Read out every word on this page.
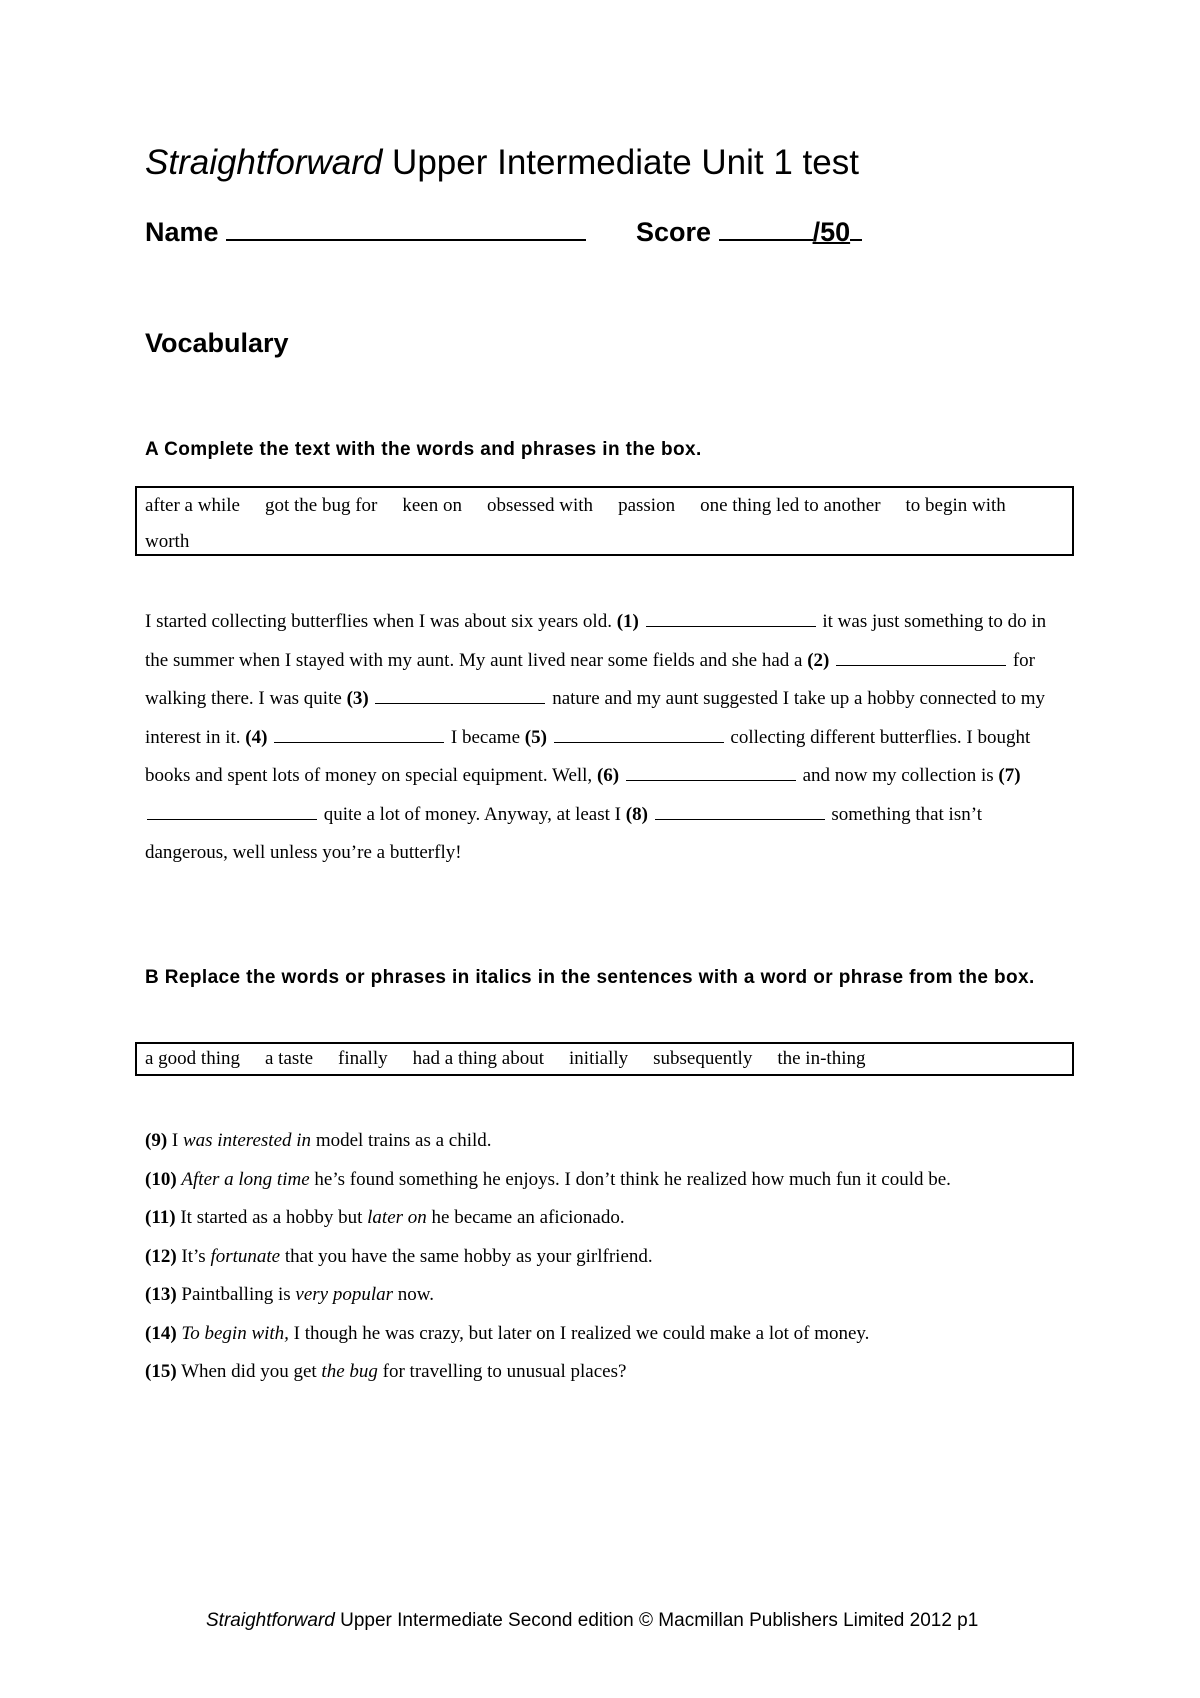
Straightforward Upper Intermediate Unit 1 test
Name	Score	/50
Vocabulary
A Complete the text with the words and phrases in the box.
after a while got the bug for keen on obsessed with passion one thing led to another to begin withworth

I started collecting butterflies when I was about six years old. (1)	it was just something to do in the summer when I stayed with my aunt. My aunt lived near some fields and she had a (2)	for walking there. I was quite (3)	nature and my aunt suggested I take up a hobby connected to my interest in it. (4)	I became (5)	collecting different butterflies. I bought books and spent lots of money on special equipment. Well, (6)	and now my collection is (7)  quite a lot of money. Anyway, at least I (8)	something that isn’t dangerous, well unless you’re a butterfly!

B Replace the words or phrases in italics in the sentences with a word or phrase from the box.
a good thing a taste finally had a thing about initially subsequently the in-thing

(9) I was interested in model trains as a child.

(10) After a long time he’s found something he enjoys. I don’t think he realized how much fun it could be.

(11) It started as a hobby but later on he became an aficionado.

(12) It’s fortunate that you have the same hobby as your girlfriend.

(13) Paintballing is very popular now.

(14) To begin with, I though he was crazy, but later on I realized we could make a lot of money.

(15) When did you get the bug for travelling to unusual places?

Straightforward Upper Intermediate Second edition © Macmillan Publishers Limited 2012 p1
